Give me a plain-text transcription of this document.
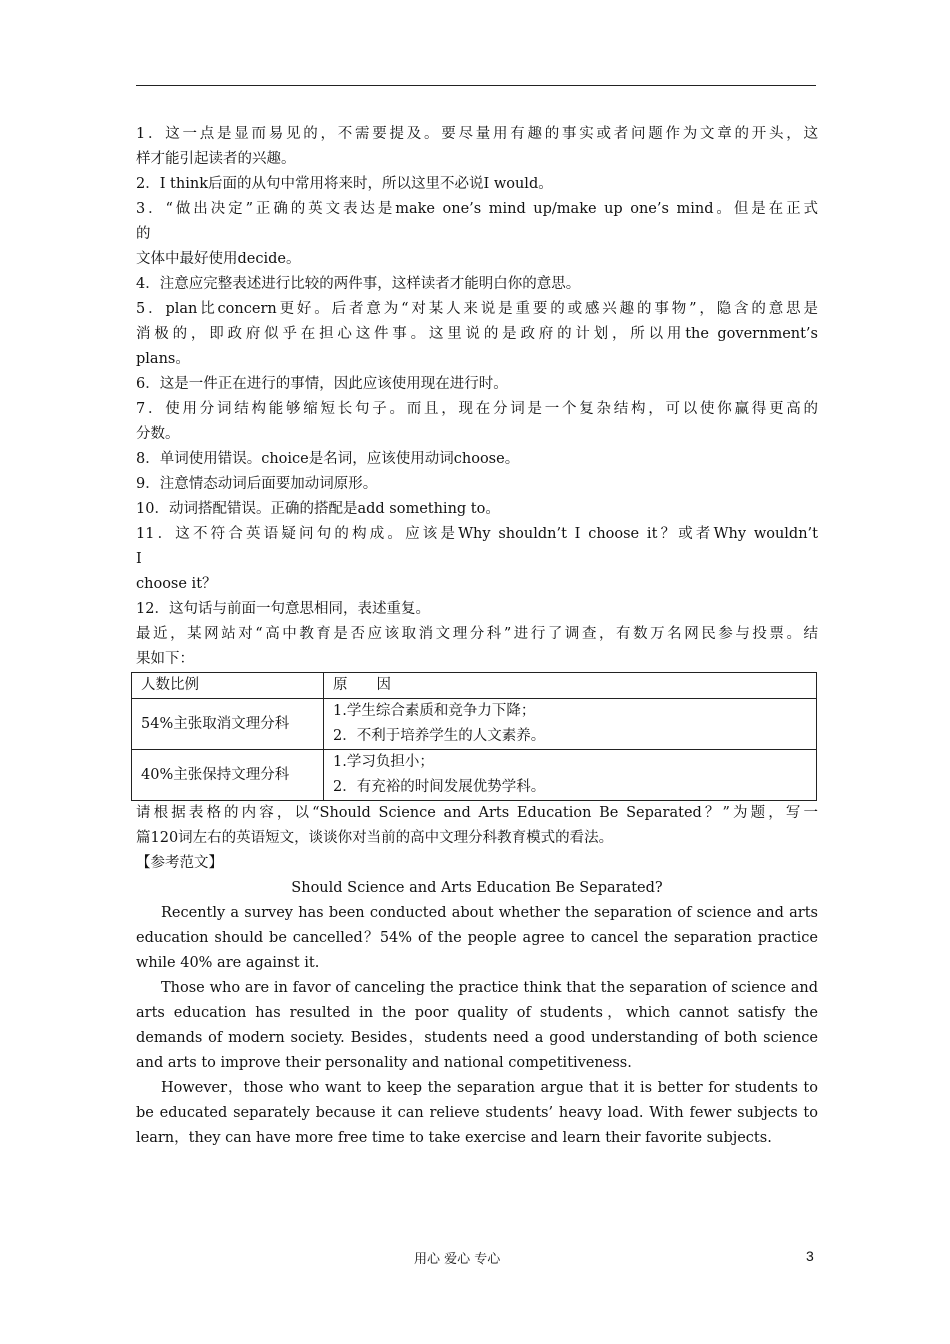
1．这一点是显而易见的，不需要提及。要尽量用有趣的事实或者问题作为文章的开头，这
样才能引起读者的兴趣。
2．I think后面的从句中常用将来时，所以这里不必说I would。
3．“做出决定”正确的英文表达是make one’s mind up/make up one’s mind。但是在正式
的
文体中最好使用decide。
4．注意应完整表述进行比较的两件事，这样读者才能明白你的意思。
5．plan比concern更好。后者意为“对某人来说是重要的或感兴趣的事物”，隐含的意思是
消极的，即政府似乎在担心这件事。这里说的是政府的计划，所以用the government’s
plans。
6．这是一件正在进行的事情，因此应该使用现在进行时。
7．使用分词结构能够缩短长句子。而且，现在分词是一个复杂结构，可以使你赢得更高的
分数。
8．单词使用错误。choice是名词，应该使用动词choose。
9．注意情态动词后面要加动词原形。
10．动词搭配错误。正确的搭配是add something to。
11．这不符合英语疑问句的构成。应该是Why shouldn’t I choose it？或者Why wouldn’t
I
choose it？
12．这句话与前面一句意思相同，表述重复。
最近，某网站对“高中教育是否应该取消文理分科”进行了调查，有数万名网民参与投票。结
果如下：
人数比例	原　　因
54%主张取消文理分科	1.学生综合素质和竞争力下降；
2．不利于培养学生的人文素养。

40%主张保持文理分科	1.学习负担小；
2．有充裕的时间发展优势学科。
请根据表格的内容，以“Should Science and Arts Education Be Separated？”为题，写一
篇120词左右的英语短文，谈谈你对当前的高中文理分科教育模式的看法。
【参考范文】
Should Science and Arts Education Be Separated?

Recently a survey has been conducted about whether the separation of science and arts education should be cancelled？54% of the people agree to cancel the separation practice while 40% are against it.

Those who are in favor of canceling the practice think that the separation of science and arts education has resulted in the poor quality of students，which cannot satisfy the demands of modern society. Besides，students need a good understanding of both science and arts to improve their personality and national competitiveness.

However，those who want to keep the separation argue that it is better for students to be educated separately because it can relieve students’ heavy load. With fewer subjects to learn，they can have more free time to take exercise and learn their favorite subjects.

用心 爱心 专心	3
